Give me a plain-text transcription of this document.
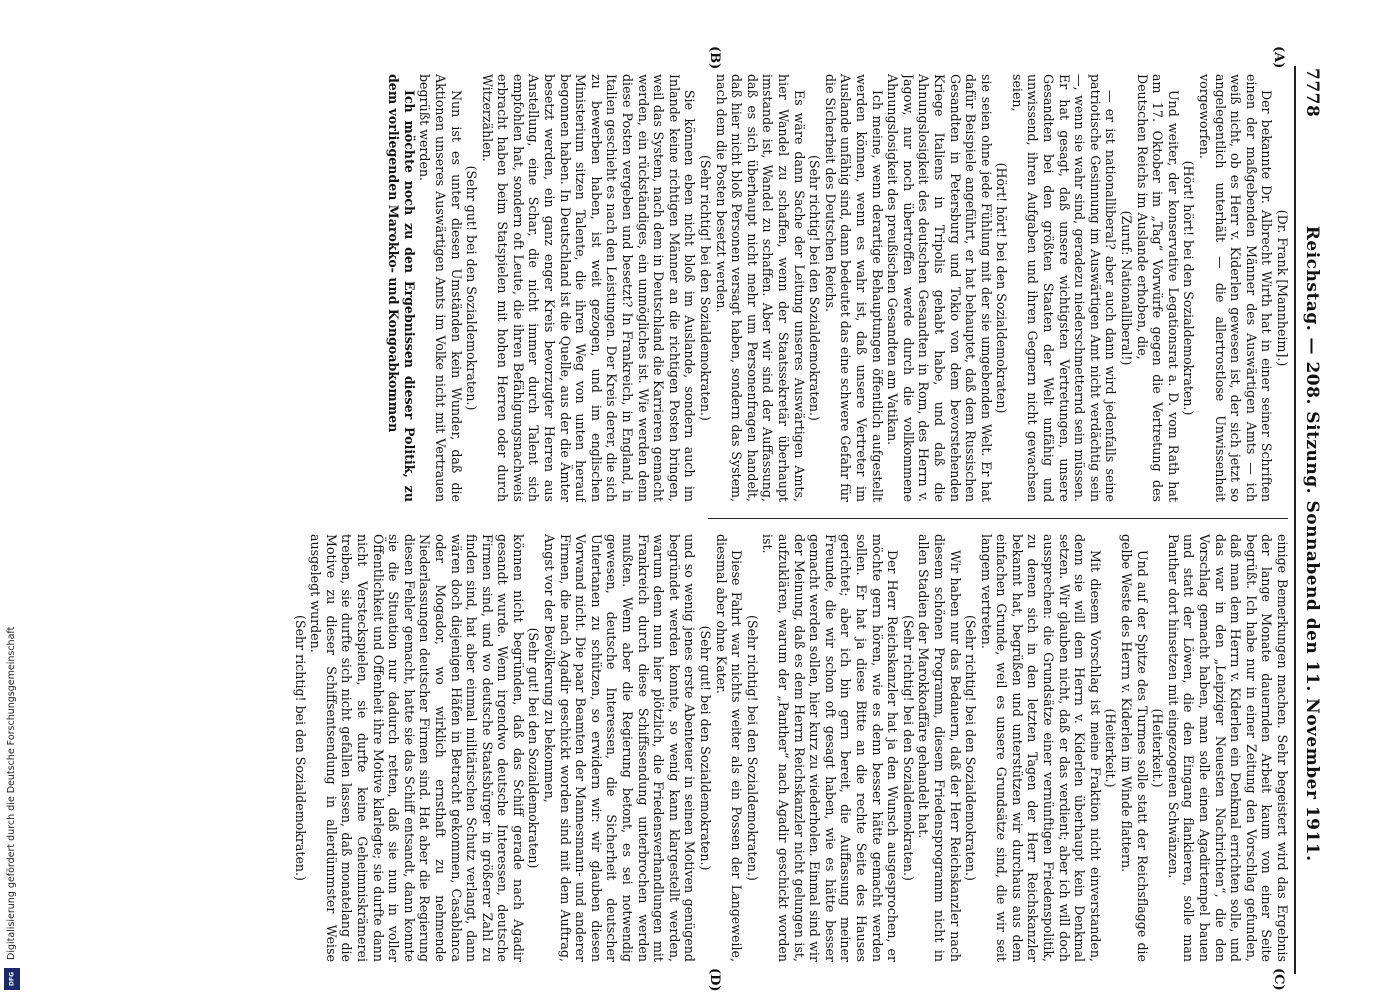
Digitalisierung gefördert durch die Deutsche Forschungsgemeinschaft
DFG
7778
Reichstag. — 208. Sitzung. Sonnabend den 11. November 1911.
(A)
(B)
(C)
(D)

(Dr. Frank [Mannheim].)

Der bekannte Dr. Albrecht Wirth hat in einer seiner Schriften einen der maßgebenden Männer des Auswärtigen Amts — ich weiß nicht, ob es Herr v. Kiderlen gewesen ist, der sich jetzt so angelegentlich unterhält — die allertrostlose Unwissenheit vorgeworfen.

(Hört! hört! bei den Sozialdemokraten.)

Und weiter, der konservative Legationsrat a. D. vom Rath hat am 17. Oktober im „Tag“ Vorwürfe gegen die Vertretung des Deutschen Reichs im Auslande erhoben, die,

(Zuruf: Nationalliberal!)

— er ist nationalliberal? aber auch dann wird jedenfalls seine patriotische Gesinnung im Auswärtigen Amt nicht verdächtig sein —, wenn sie wahr sind, geradezu niederschmetternd sein müssen. Er hat gesagt, daß unsere wichtigsten Vertretungen, unsere Gesandten bei den größten Staaten der Welt unfähig und unwissend, ihren Aufgaben und ihren Gegnern nicht gewachsen seien,

(Hört! hört! bei den Sozialdemokraten)

sie seien ohne jede Fühlung mit der sie umgebenden Welt. Er hat dafür Beispiele angeführt, er hat behauptet, daß dem Russischen Gesandten in Petersburg und Tokio von dem bevorstehenden Kriege Italiens in Tripolis gehabt habe, und daß die Ahnungslosigkeit des deutschen Gesandten in Rom, des Herrn v. Jagow, nur noch übertroffen werde durch die vollkommene Ahnungslosigkeit des preußischen Gesandten am Vatikan.

Ich meine, wenn derartige Behauptungen öffentlich aufgestellt werden können, wenn es wahr ist, daß unsere Vertreter im Auslande unfähig sind, dann bedeutet das eine schwere Gefahr für die Sicherheit des Deutschen Reichs.

(Sehr richtig! bei den Sozialdemokraten.)

Es wäre dann Sache der Leitung unseres Auswärtigen Amts, hier Wandel zu schaffen, wenn der Staatssekretär überhaupt imstande ist, Wandel zu schaffen. Aber wir sind der Auffassung, daß es sich überhaupt nicht mehr um Personenfragen handelt, daß hier nicht bloß Personen versagt haben, sondern das System, nach dem die Posten besetzt werden.

(Sehr richtig! bei den Sozialdemokraten.)

Sie können eben nicht bloß im Auslande, sondern auch im Inlande keine richtigen Männer an die richtigen Posten bringen, weil das System, nach dem in Deutschland die Karrieren gemacht werden, ein rückständiges, ein unmögliches ist. Wie werden denn diese Posten vergeben und besetzt? In Frankreich, in England, in Italien geschieht es nach den Leistungen. Der Kreis derer, die sich zu bewerben haben, ist weit gezogen, und im englischen Ministerium sitzen Talente, die ihren Weg von unten herauf begonnen haben. In Deutschland ist die Quelle, aus der die Ämter besetzt werden, ein ganz enger Kreis bevorzugter Herren aus Anstellung, eine Schar, die nicht immer durch Talent sich empfohlen hat, sondern oft Leute, die ihren Befähigungsnachweis erbracht haben beim Statspielen mit hohen Herren oder durch Witzerzählen.

(Sehr gut! bei den Sozialdemokraten.)

Nun ist es unter diesen Umständen kein Wunder, daß die Aktionen unseres Auswärtigen Amts im Volke nicht mit Vertrauen begrüßt werden.

Ich möchte noch zu den Ergebnissen dieser Politik, zu dem vorliegenden Marokko- und Kongoabkommen

einige Bemerkungen machen. Sehr begeistert wird das Ergebnis der lange Monate dauernden Arbeit kaum von einer Seite begrüßt. Ich habe nur in einer Zeitung den Vorschlag gefunden, daß man dem Herrn v. Kiderlen ein Denkmal errichten solle, und das war in den „Leipziger Neuesten Nachrichten“, die den Vorschlag gemacht haben, man solle einen Agadirtempel bauen und statt der Löwen, die den Eingang flankieren, solle man Panther dort hinsetzen mit eingezogenen Schwänzen.

(Heiterkeit.)

Und auf der Spitze des Turmes solle statt der Reichsflagge die gelbe Weste des Herrn v. Kiderlen im Winde flattern.

(Heiterkeit.)

Mit diesem Vorschlag ist meine Fraktion nicht einverstanden, denn sie will dem Herrn v. Kiderlen überhaupt kein Denkmal setzen. Wir glauben nicht, daß er das verdient; aber ich will doch aussprechen: die Grundsätze einer vernünftigen Friedenspolitik, zu denen sich in den letzten Tagen der Herr Reichskanzler bekannt hat, begrüßen und unterstützen wir durchaus aus dem einfachen Grunde, weil es unsere Grundsätze sind, die wir seit langem vertreten.

(Sehr richtig! bei den Sozialdemokraten.)

Wir haben nur das Bedauern, daß der Herr Reichskanzler nach diesem schönen Programm, diesem Friedensprogramm nicht in allen Stadien der Marokkoaffäre gehandelt hat.

(Sehr richtig! bei den Sozialdemokraten.)

Der Herr Reichskanzler hat ja den Wunsch ausgesprochen, er möchte gern hören, wie es denn besser hätte gemacht werden sollen. Er hat ja diese Bitte an die rechte Seite des Hauses gerichtet; aber ich bin gern bereit, die Auffassung meiner Freunde, die wir schon oft gesagt haben, wie es hätte besser gemacht werden sollen, hier kurz zu wiederholen. Einmal sind wir der Meinung, daß es dem Herrn Reichskanzler nicht gelungen ist, aufzuklären, warum der „Panther“ nach Agadir geschickt worden ist.

(Sehr richtig! bei den Sozialdemokraten.)

Diese Fahrt war nichts weiter als ein Possen der Langeweile, diesmal aber ohne Kater.

(Sehr gut! bei den Sozialdemokraten.)

und so wenig jenes erste Abenteuer in seinen Motiven genügend begründet werden konnte, so wenig kann klargestellt werden, warum denn nun hier plötzlich, die Friedensverhandlungen mit Frankreich durch diese Schiffssendung unterbrochen werden mußten. Wenn aber die Regierung betont, es sei notwendig gewesen, deutsche Interessen, die Sicherheit deutscher Untertanen zu schützen, so erwidern wir: wir glauben diesen Vorwand nicht. Die paar Beamten der Mannesmann- und anderer Firmen, die nach Agadir geschickt worden sind mit dem Auftrag, Angst vor der Bevölkerung zu bekommen,

(Sehr gut! bei den Sozialdemokraten)

können nicht begründen, daß das Schiff gerade nach Agadir gesandt wurde. Wenn irgendwo deutsche Interessen, deutsche Firmen sind, und wo deutsche Staatsbürger in größerer Zahl zu finden sind, hat aber einmal militärischen Schutz verlangt, dann wären doch diejenigen Häfen in Betracht gekommen, Casablanca oder Mogador, wo wirklich ernsthaft zu nehmende Niederlassungen deutscher Firmen sind. Hat aber die Regierung diesen Fehler gemacht, hatte sie das Schiff entsandt, dann konnte sie die Situation nur dadurch retten, daß sie nun in voller Öffentlichkeit und Offenheit ihre Motive klarlegte; sie durfte dann nicht Versteckspielen, sie durfte keine Geheimniskrämerei treiben, sie durfte sich nicht gefallen lassen, daß monatelang die Motive zu dieser Schiffsentsendung in allerdümmster Weise ausgelegt wurden.

(Sehr richtig! bei den Sozialdemokraten.)
